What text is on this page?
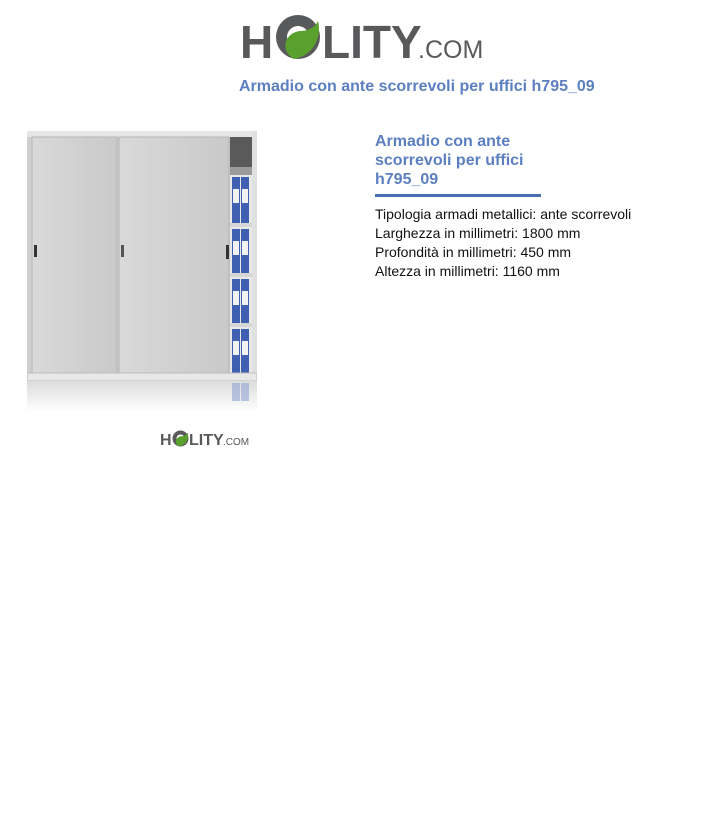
H LITY
.COM
Armadio con ante scorrevoli per uffici h795_09
H LITY .COM
Armadio con ante scorrevoli per uffici h795_09
Tipologia armadi metallici: ante scorrevoli
Larghezza in millimetri: 1800 mm
Profondità in millimetri: 450 mm
Altezza in millimetri: 1160 mm
